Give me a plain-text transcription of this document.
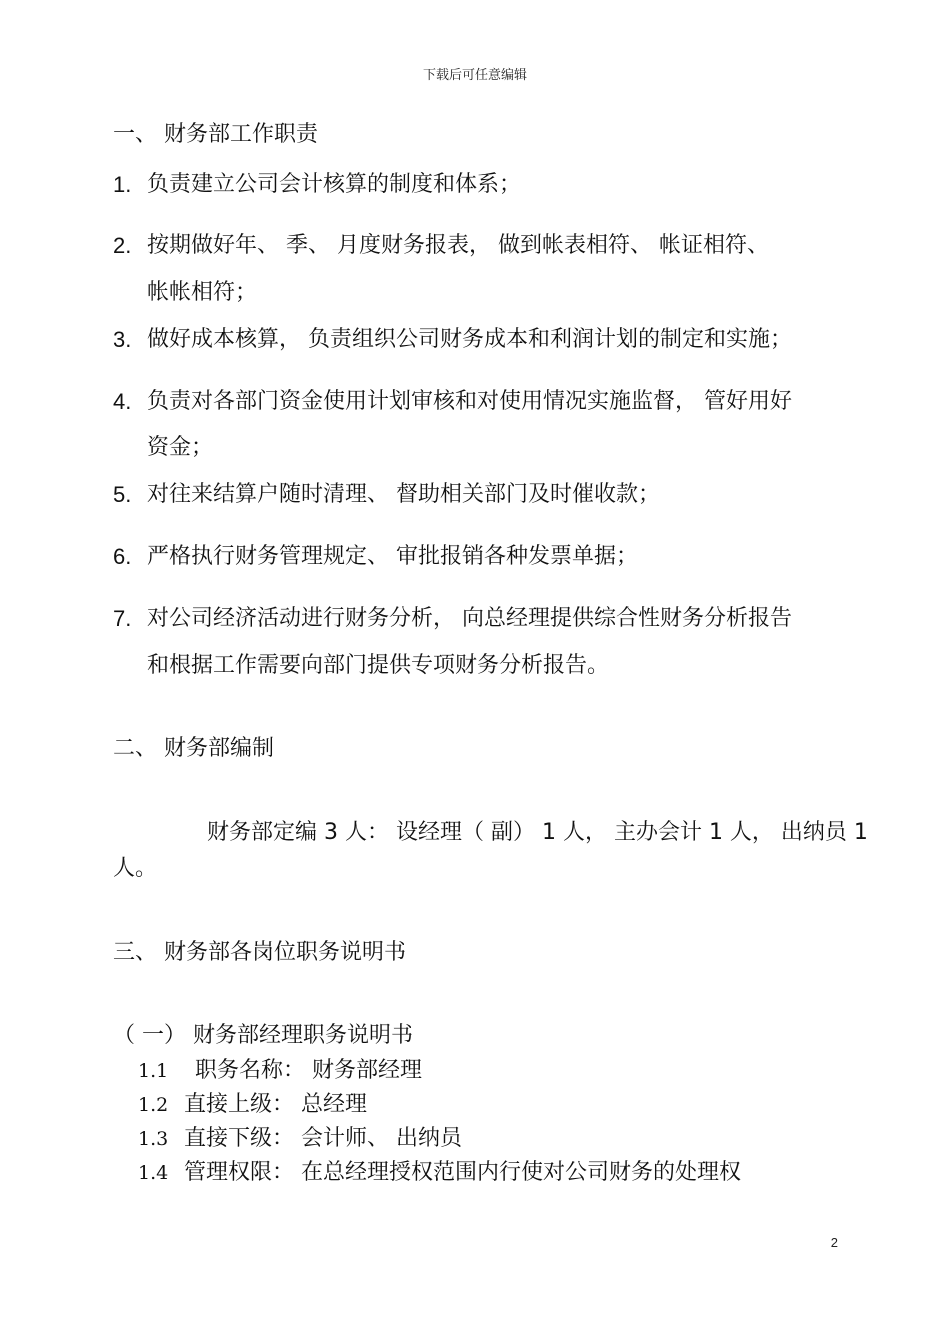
下载后可任意编辑
一、 财务部工作职责
1. 负责建立公司会计核算的制度和体系；
2. 按期做好年、 季、 月度财务报表， 做到帐表相符、 帐证相符、
帐帐相符；
3. 做好成本核算， 负责组织公司财务成本和利润计划的制定和实施；
4. 负责对各部门资金使用计划审核和对使用情况实施监督， 管好用好
资金；
5. 对往来结算户随时清理、 督助相关部门及时催收款；
6. 严格执行财务管理规定、 审批报销各种发票单据；
7. 对公司经济活动进行财务分析， 向总经理提供综合性财务分析报告
和根据工作需要向部门提供专项财务分析报告。
二、 财务部编制
财务部定编 3 人： 设经理（ 副） 1 人， 主办会计 1 人， 出纳员 1
人。
三、 财务部各岗位职务说明书
（ 一） 财务部经理职务说明书
1.1 职务名称： 财务部经理
1.2 直接上级： 总经理
1.3 直接下级： 会计师、 出纳员
1.4 管理权限： 在总经理授权范围内行使对公司财务的处理权
2
